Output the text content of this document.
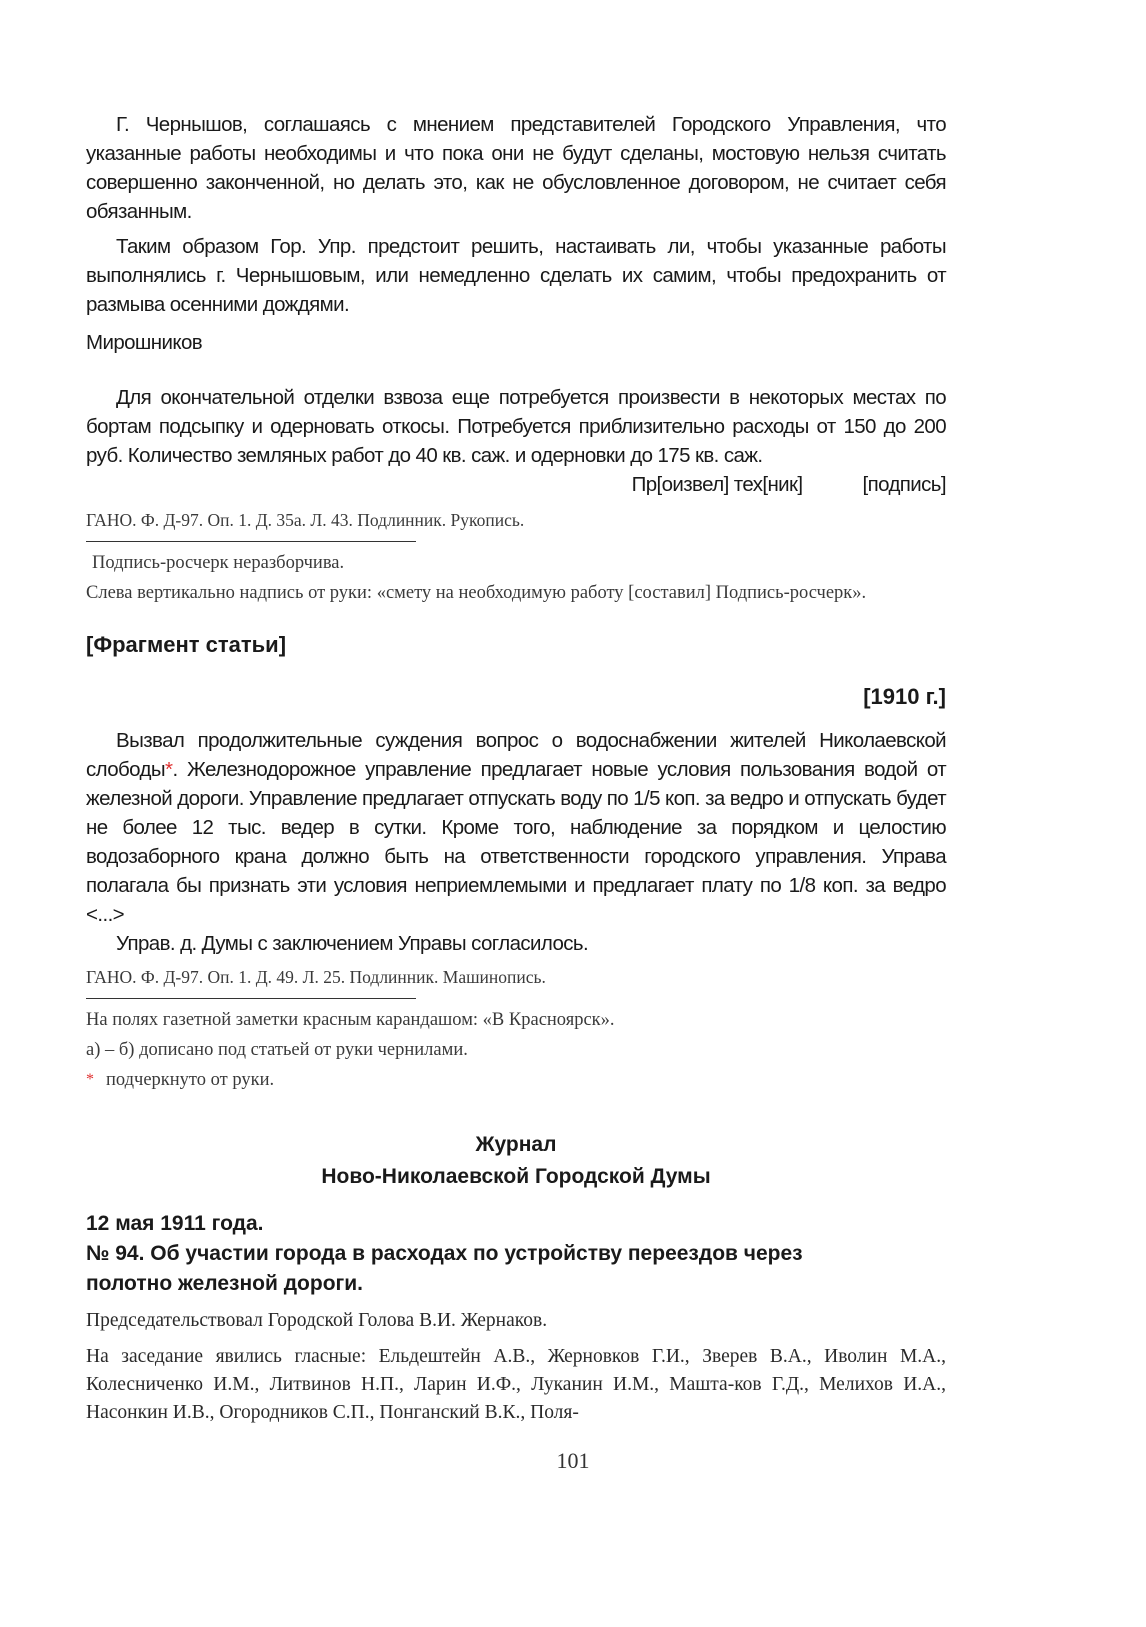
Г. Чернышов, соглашаясь с мнением представителей Городского Управления, что указанные работы необходимы и что пока они не будут сделаны, мостовую нельзя считать совершенно законченной, но делать это, как не обусловленное договором, не считает себя обязанным.

Таким образом Гор. Упр. предстоит решить, настаивать ли, чтобы указанные работы выполнялись г. Чернышовым, или немедленно сделать их самим, чтобы предохранить от размыва осенними дождями.

Мирошников

Для окончательной отделки взвоза еще потребуется произвести в некоторых местах по бортам подсыпку и одерновать откосы. Потребуется приблизительно расходы от 150 до 200 руб. Количество земляных работ до 40 кв. саж. и одерновки до 175 кв. саж.

Пр[оизвел] тех[ник]	[подпись]

ГАНО. Ф. Д-97. Оп. 1. Д. 35а. Л. 43. Подлинник. Рукопись.

Подпись-росчерк неразборчива.

Слева вертикально надпись от руки: «смету на необходимую работу [составил] Подпись-росчерк».

[Фрагмент статьи]

[1910 г.]

Вызвал продолжительные суждения вопрос о водоснабжении жителей Николаевской слободы*. Железнодорожное управление предлагает новые условия пользования водой от железной дороги. Управление предлагает отпускать воду по 1/5 коп. за ведро и отпускать будет не более 12 тыс. ведер в сутки. Кроме того, наблюдение за порядком и целостию водозаборного крана должно быть на ответственности городского управления. Управа полагала бы признать эти условия неприемлемыми и предлагает плату по 1/8 коп. за ведро <...>

Управ. д. Думы с заключением Управы согласилось.

ГАНО. Ф. Д-97. Оп. 1. Д. 49. Л. 25. Подлинник. Машинопись.

На полях газетной заметки красным карандашом: «В Красноярск».

а) – б) дописано под статьей от руки чернилами.

* подчеркнуто от руки.

Журнал

Ново-Николаевской Городской Думы

12 мая 1911 года.

№ 94. Об участии города в расходах по устройству переездов через полотно железной дороги.

Председательствовал Городской Голова В.И. Жернаков.

На заседание явились гласные: Ельдештейн А.В., Жерновков Г.И., Зверев В.А., Иволин М.А., Колесниченко И.М., Литвинов Н.П., Ларин И.Ф., Луканин И.М., Машта-ков Г.Д., Мелихов И.А., Насонкин И.В., Огородников С.П., Понганский В.К., Поля-

101
